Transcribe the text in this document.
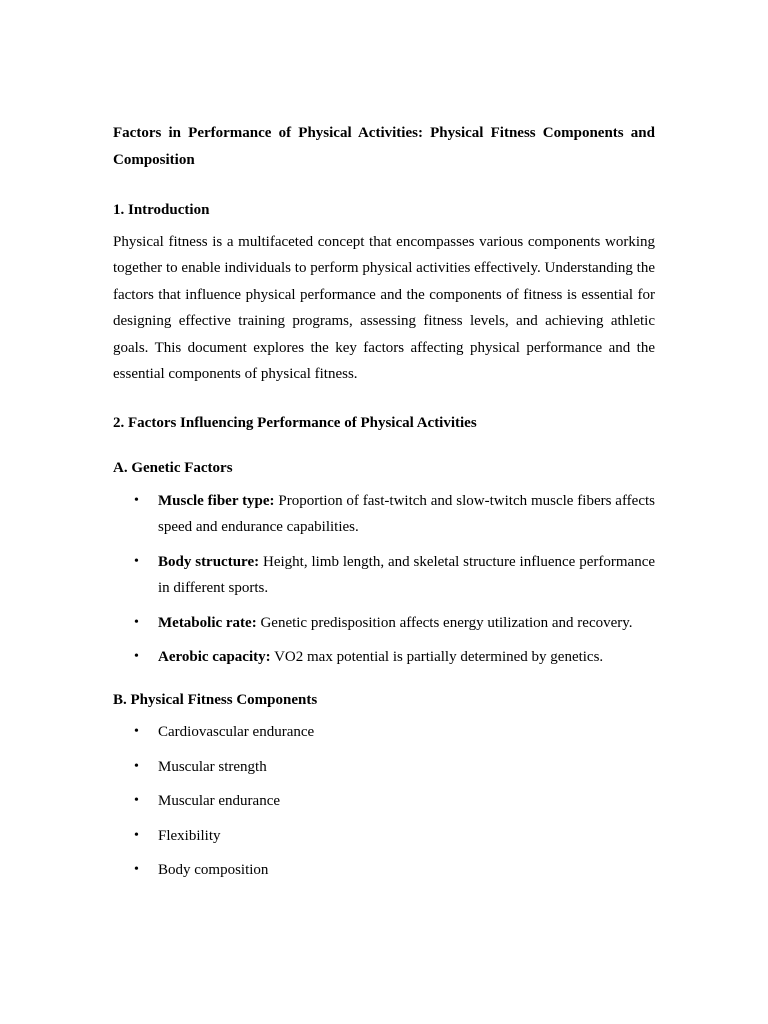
Factors in Performance of Physical Activities: Physical Fitness Components and Composition

1. Introduction

Physical fitness is a multifaceted concept that encompasses various components working together to enable individuals to perform physical activities effectively. Understanding the factors that influence physical performance and the components of fitness is essential for designing effective training programs, assessing fitness levels, and achieving athletic goals. This document explores the key factors affecting physical performance and the essential components of physical fitness.

2. Factors Influencing Performance of Physical Activities

A. Genetic Factors

• Muscle fiber type: Proportion of fast-twitch and slow-twitch muscle fibers affects speed and endurance capabilities.
• Body structure: Height, limb length, and skeletal structure influence performance in different sports.
• Metabolic rate: Genetic predisposition affects energy utilization and recovery.
• Aerobic capacity: VO2 max potential is partially determined by genetics.

B. Physical Fitness Components

• Cardiovascular endurance
• Muscular strength
• Muscular endurance
• Flexibility
• Body composition
